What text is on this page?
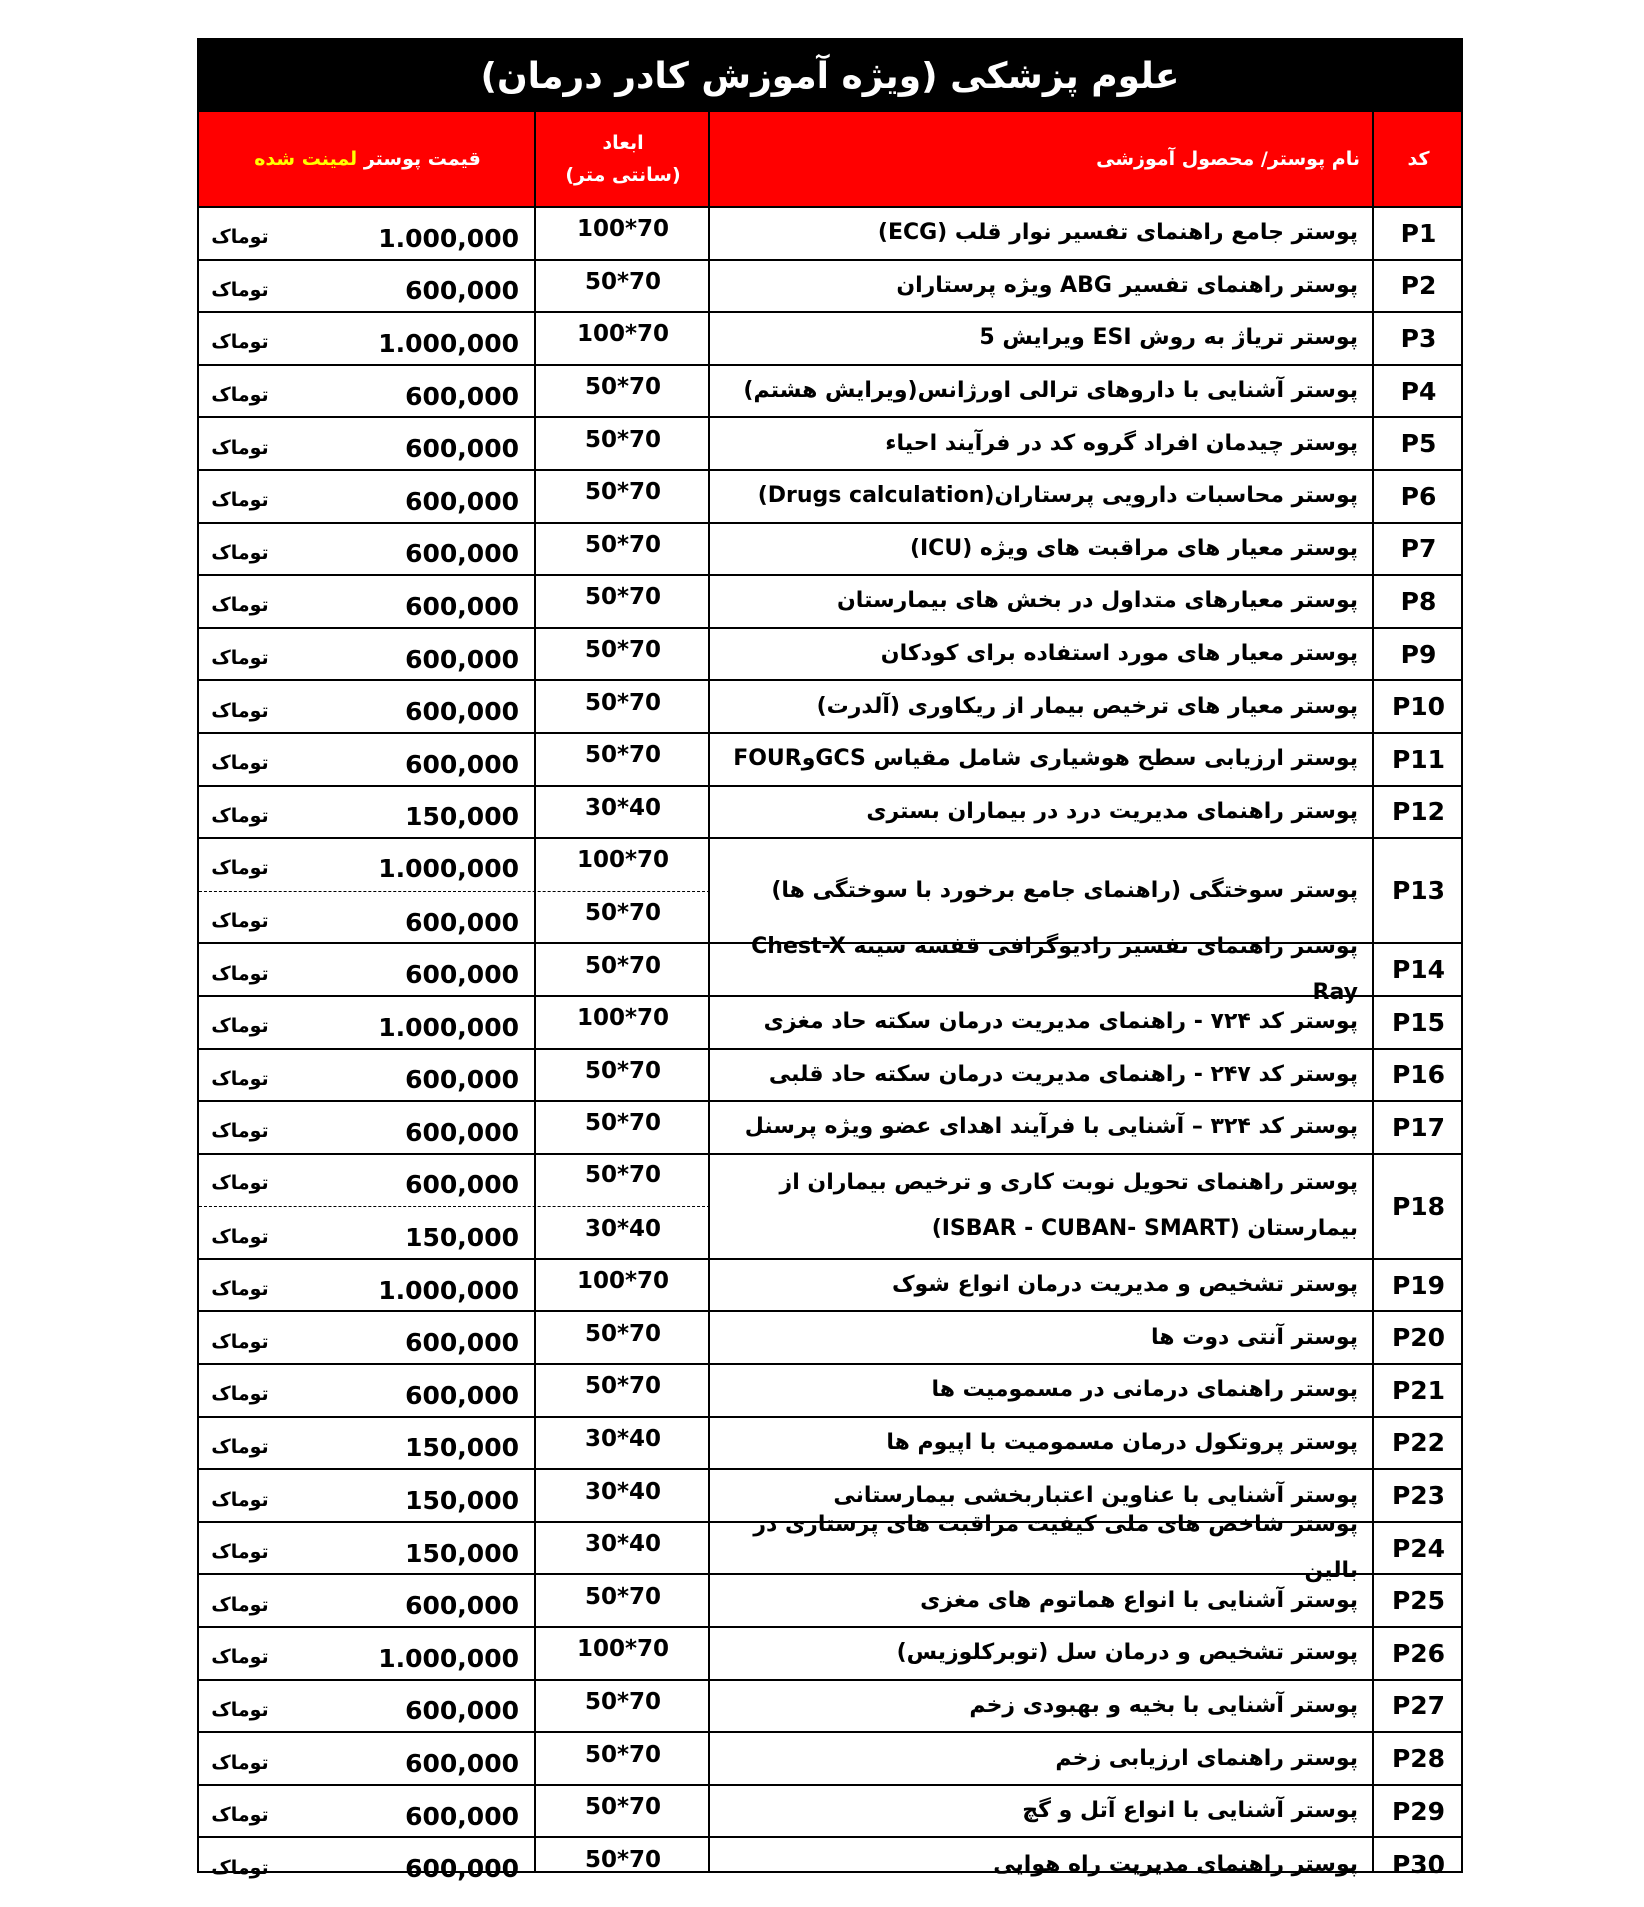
علوم پزشکی (ویژه آموزش کادر درمان)
کد
نام پوستر/ محصول آموزشی
ابعاد
(سانتی متر)
قیمت پوستر

لمینت شده
P1
پوستر جامع راهنمای تفسیر نوار قلب (ECG)
100*70
1.000,000
توماک
P2
پوستر راهنمای تفسیر ABG ویژه پرستاران
50*70
600,000
توماک
P3
پوستر تریاژ به روش ESI ویرایش 5
100*70
1.000,000
توماک
P4
پوستر آشنایی با داروهای ترالی اورژانس(ویرایش هشتم)
50*70
600,000
توماک
P5
پوستر چیدمان افراد گروه کد در فرآیند احیاء
50*70
600,000
توماک
P6
پوستر محاسبات دارویی پرستاران(Drugs calculation)
50*70
600,000
توماک
P7
پوستر معیار های مراقبت های ویژه (ICU)
50*70
600,000
توماک
P8
پوستر معیارهای متداول در بخش های بیمارستان
50*70
600,000
توماک
P9
پوستر معیار های مورد استفاده برای کودکان
50*70
600,000
توماک
P10
پوستر معیار های ترخیص بیمار از ریکاوری (آلدرت)
50*70
600,000
توماک
P11
پوستر ارزیابی سطح هوشیاری شامل مقیاس GCSوFOUR
50*70
600,000
توماک
P12
پوستر راهنمای مدیریت درد در بیماران بستری
30*40
150,000
توماک
P13
پوستر سوختگی (راهنمای جامع برخورد با سوختگی ها)
100*70
1.000,000
توماک
50*70
600,000
توماک
P14
پوستر راهنمای تفسیر رادیوگرافی قفسه سینه Chest-X Ray
50*70
600,000
توماک
P15
پوستر کد ۷۲۴ - راهنمای مدیریت درمان سکته حاد مغزی
100*70
1.000,000
توماک
P16
پوستر کد ۲۴۷ - راهنمای مدیریت درمان سکته حاد قلبی
50*70
600,000
توماک
P17
پوستر کد ۳۲۴ – آشنایی با فرآیند اهدای عضو ویژه پرسنل
50*70
600,000
توماک
P18
پوستر راهنمای تحویل نوبت کاری و ترخیص بیماران از بیمارستان (ISBAR - CUBAN- SMART)
50*70
600,000
توماک
30*40
150,000
توماک
P19
پوستر تشخیص و مدیریت درمان انواع شوک
100*70
1.000,000
توماک
P20
پوستر آنتی دوت ها
50*70
600,000
توماک
P21
پوستر راهنمای درمانی در مسمومیت ها
50*70
600,000
توماک
P22
پوستر پروتکول درمان مسمومیت با اپیوم ها
30*40
150,000
توماک
P23
پوستر آشنایی با عناوین اعتباربخشی بیمارستانی
30*40
150,000
توماک
P24
پوستر شاخص های ملی کیفیت مراقبت های پرستاری در بالین
30*40
150,000
توماک
P25
پوستر آشنایی با انواع هماتوم های مغزی
50*70
600,000
توماک
P26
پوستر تشخیص و درمان سل (توبرکلوزیس)
100*70
1.000,000
توماک
P27
پوستر آشنایی با بخیه و بهبودی زخم
50*70
600,000
توماک
P28
پوستر راهنمای ارزیابی زخم
50*70
600,000
توماک
P29
پوستر آشنایی با انواع آتل و گچ
50*70
600,000
توماک
P30
پوستر راهنمای مدیریت راه هوایی
50*70
600,000
توماک
